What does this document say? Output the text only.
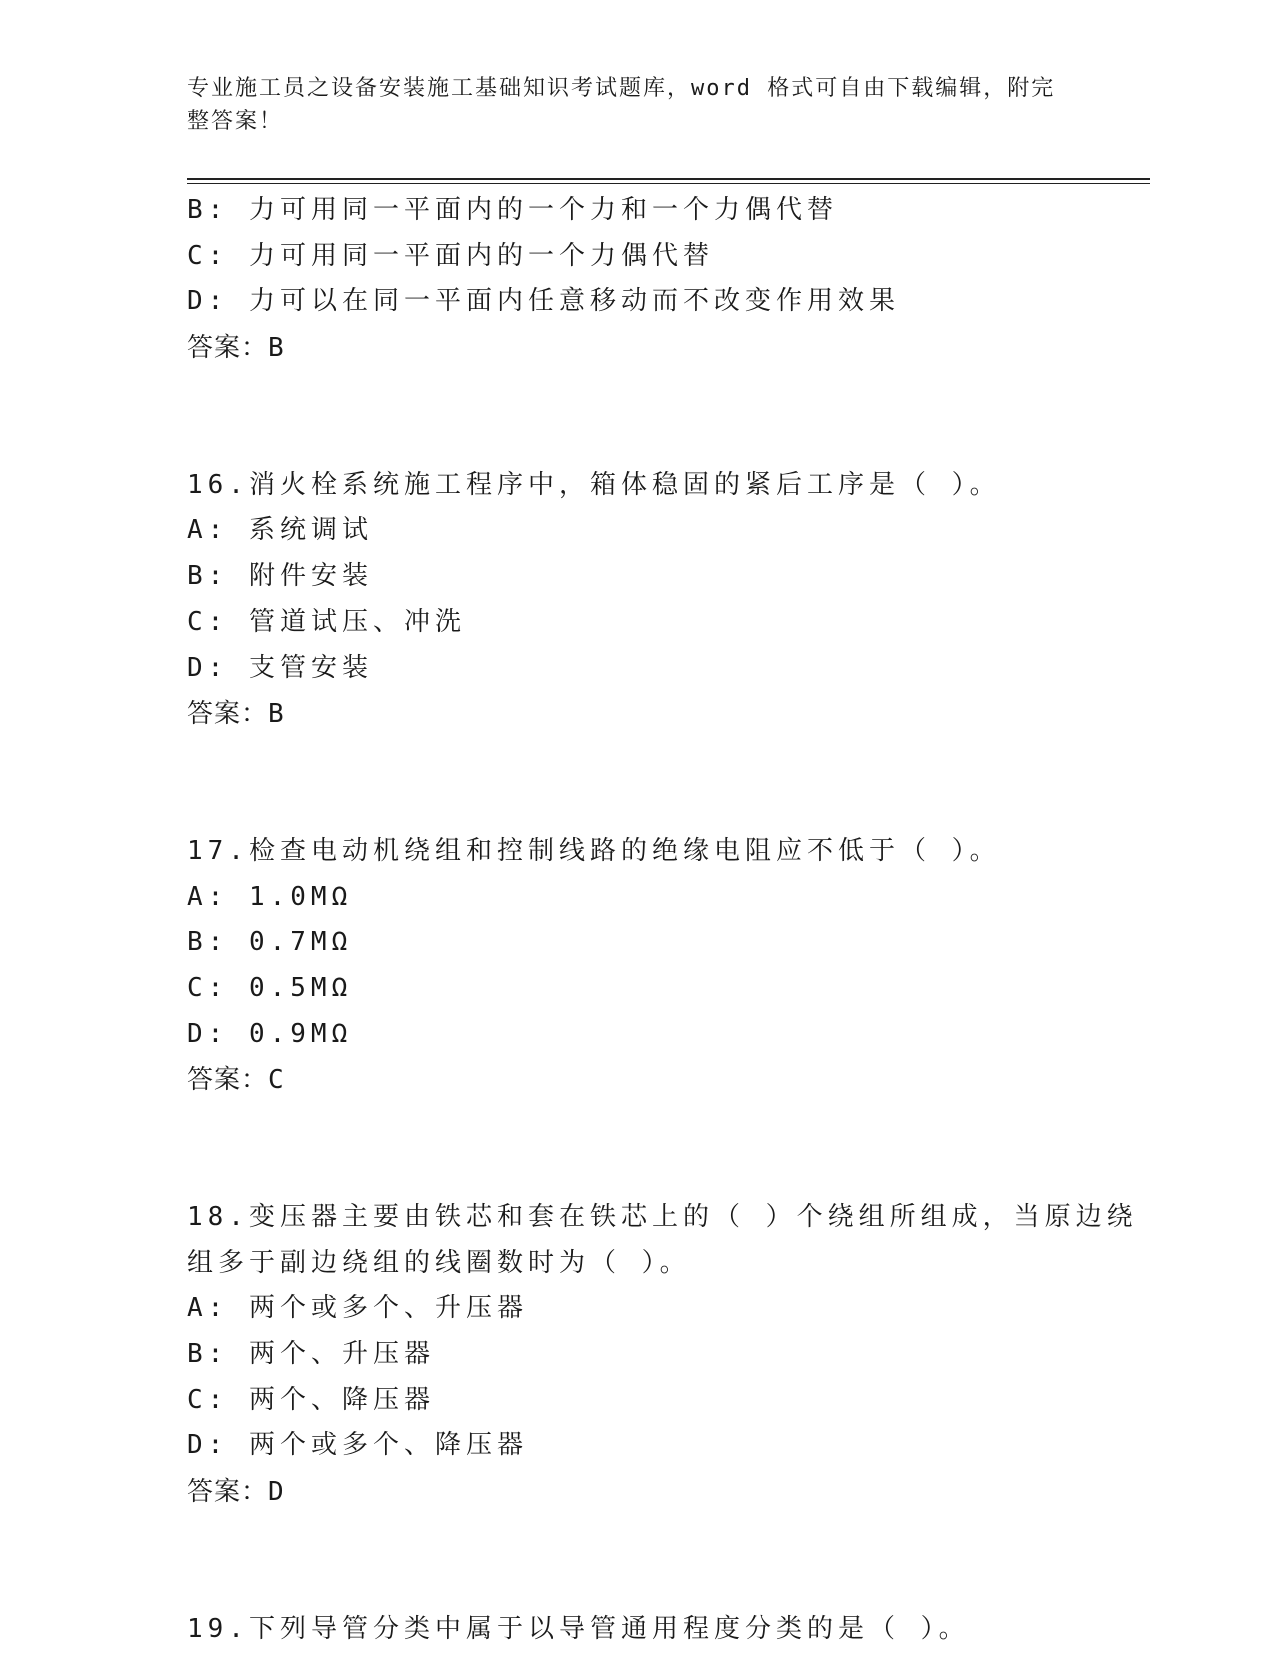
专业施工员之设备安装施工基础知识考试题库，word 格式可自由下载编辑，附完
整答案！
B: 力可用同一平面内的一个力和一个力偶代替
C: 力可用同一平面内的一个力偶代替
D: 力可以在同一平面内任意移动而不改变作用效果
答案：B
16.消火栓系统施工程序中，箱体稳固的紧后工序是（ ）。
A: 系统调试
B: 附件安装
C: 管道试压、冲洗
D: 支管安装
答案：B
17.检查电动机绕组和控制线路的绝缘电阻应不低于（ ）。
A: 1.0MΩ
B: 0.7MΩ
C: 0.5MΩ
D: 0.9MΩ
答案：C
18.变压器主要由铁芯和套在铁芯上的（ ）个绕组所组成，当原边绕
组多于副边绕组的线圈数时为（ ）。
A: 两个或多个、升压器
B: 两个、升压器
C: 两个、降压器
D: 两个或多个、降压器
答案：D
19.下列导管分类中属于以导管通用程度分类的是（ ）。
